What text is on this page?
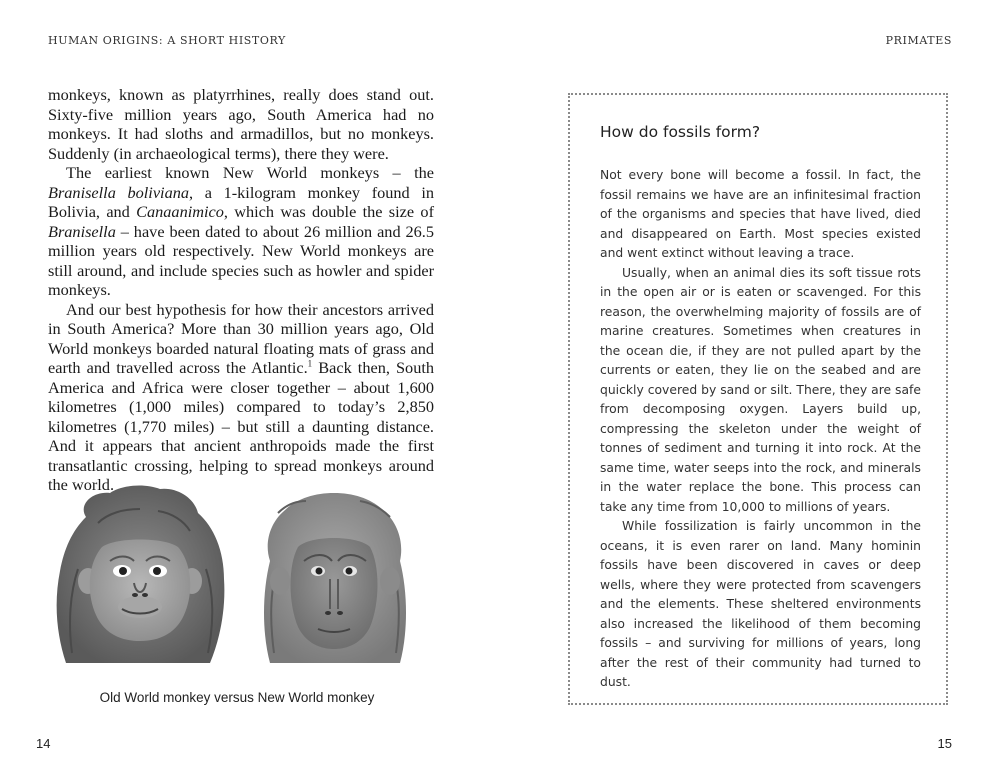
HUMAN ORIGINS: A SHORT HISTORY	PRIMATES

monkeys, known as platyrrhines, really does stand out. Sixty-five million years ago, South America had no monkeys. It had sloths and armadillos, but no monkeys. Suddenly (in archaeological terms), there they were.

The earliest known New World monkeys – the Branisella boliviana, a 1-kilogram monkey found in Bolivia, and Canaanimico, which was double the size of Branisella – have been dated to about 26 million and 26.5 million years old respectively. New World monkeys are still around, and include species such as howler and spider monkeys.

And our best hypothesis for how their ancestors arrived in South America? More than 30 million years ago, Old World monkeys boarded natural floating mats of grass and earth and travelled across the Atlantic.$^1$ Back then, South America and Africa were closer together – about 1,600 kilometres (1,000 miles) compared to today’s 2,850 kilometres (1,770 miles) – but still a daunting distance. And it appears that ancient anthropoids made the first transatlantic crossing, helping to spread monkeys around the world.

Old World monkey versus New World monkey
14	15
How do fossils form?

Not every bone will become a fossil. In fact, the fossil remains we have are an infinitesimal fraction of the organisms and species that have lived, died and disappeared on Earth. Most species existed and went extinct without leaving a trace.

Usually, when an animal dies its soft tissue rots in the open air or is eaten or scavenged. For this reason, the overwhelming majority of fossils are of marine creatures. Sometimes when creatures in the ocean die, if they are not pulled apart by the currents or eaten, they lie on the seabed and are quickly covered by sand or silt. There, they are safe from decomposing oxygen. Layers build up, compressing the skeleton under the weight of tonnes of sediment and turning it into rock. At the same time, water seeps into the rock, and minerals in the water replace the bone. This process can take any time from 10,000 to millions of years.

While fossilization is fairly uncommon in the oceans, it is even rarer on land. Many hominin fossils have been discovered in caves or deep wells, where they were protected from scavengers and the elements. These sheltered environments also increased the likelihood of them becoming fossils – and surviving for millions of years, long after the rest of their community had turned to dust.
